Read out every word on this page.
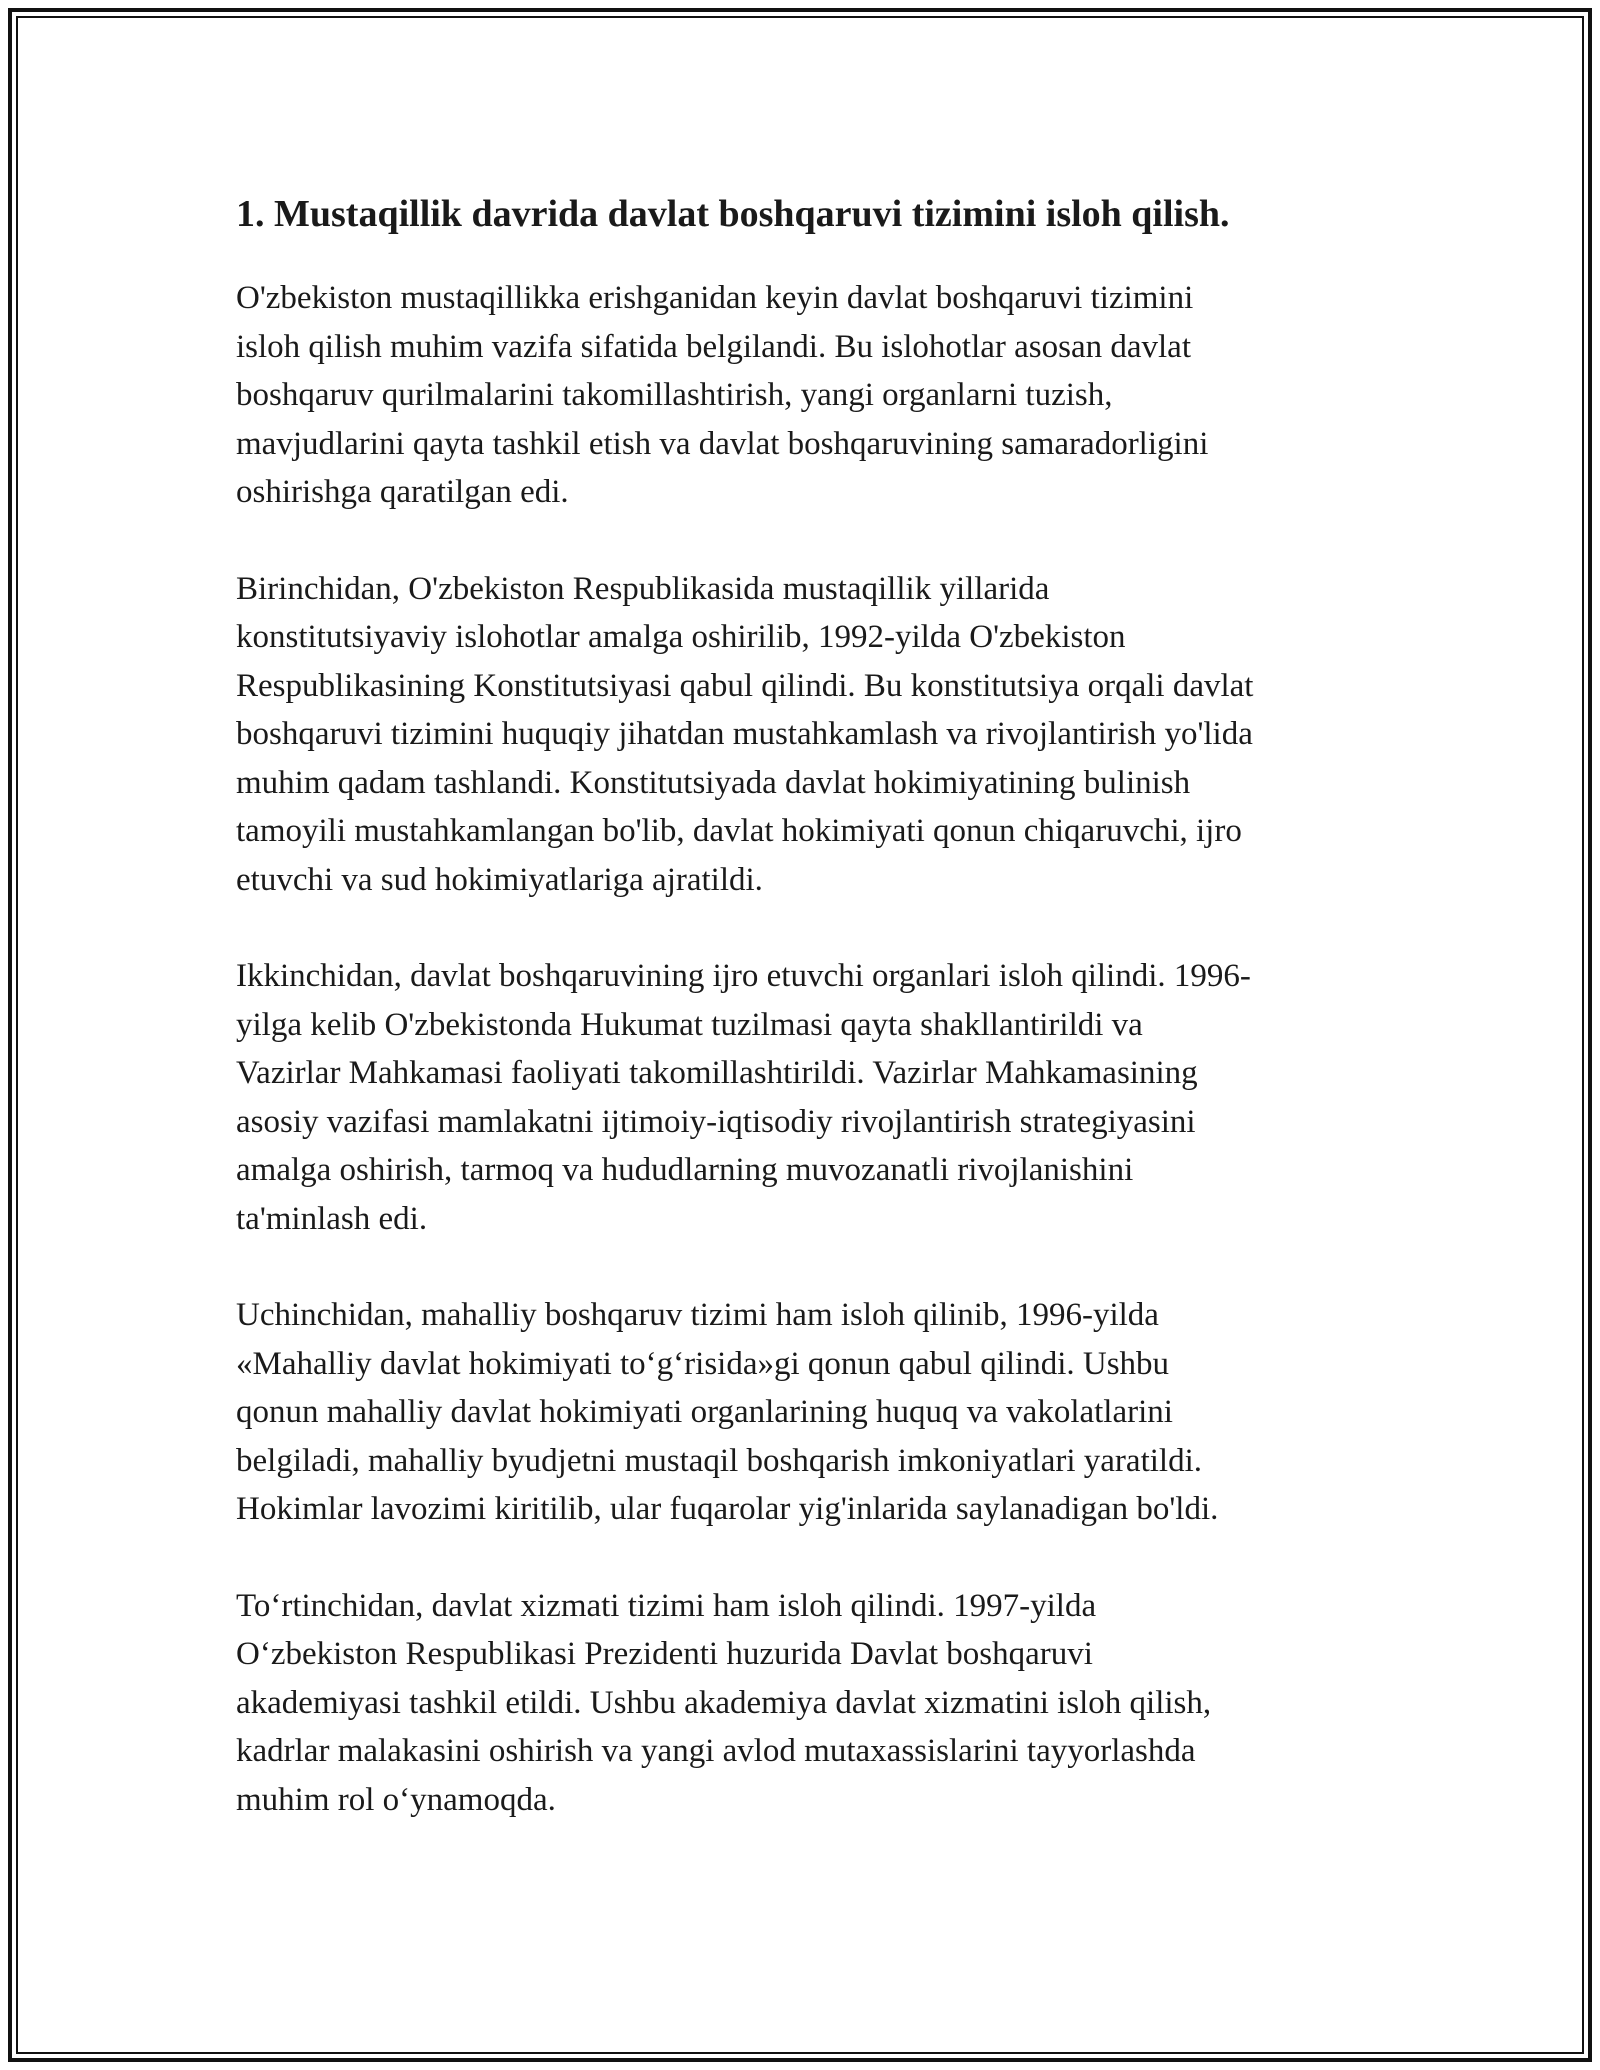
1. Mustaqillik davrida davlat boshqaruvi tizimini isloh qilish.

O'zbekiston mustaqillikka erishganidan keyin davlat boshqaruvi tizimini
isloh qilish muhim vazifa sifatida belgilandi. Bu islohotlar asosan davlat
boshqaruv qurilmalarini takomillashtirish, yangi organlarni tuzish,
mavjudlarini qayta tashkil etish va davlat boshqaruvining samaradorligini
oshirishga qaratilgan edi.

Birinchidan, O'zbekiston Respublikasida mustaqillik yillarida
konstitutsiyaviy islohotlar amalga oshirilib, 1992-yilda O'zbekiston
Respublikasining Konstitutsiyasi qabul qilindi. Bu konstitutsiya orqali davlat
boshqaruvi tizimini huquqiy jihatdan mustahkamlash va rivojlantirish yo'lida
muhim qadam tashlandi. Konstitutsiyada davlat hokimiyatining bulinish
tamoyili mustahkamlangan bo'lib, davlat hokimiyati qonun chiqaruvchi, ijro
etuvchi va sud hokimiyatlariga ajratildi.

Ikkinchidan, davlat boshqaruvining ijro etuvchi organlari isloh qilindi. 1996-
yilga kelib O'zbekistonda Hukumat tuzilmasi qayta shakllantirildi va
Vazirlar Mahkamasi faoliyati takomillashtirildi. Vazirlar Mahkamasining
asosiy vazifasi mamlakatni ijtimoiy-iqtisodiy rivojlantirish strategiyasini
amalga oshirish, tarmoq va hududlarning muvozanatli rivojlanishini
ta'minlash edi.

Uchinchidan, mahalliy boshqaruv tizimi ham isloh qilinib, 1996-yilda
«Mahalliy davlat hokimiyati to‘g‘risida»gi qonun qabul qilindi. Ushbu
qonun mahalliy davlat hokimiyati organlarining huquq va vakolatlarini
belgiladi, mahalliy byudjetni mustaqil boshqarish imkoniyatlari yaratildi.
Hokimlar lavozimi kiritilib, ular fuqarolar yig'inlarida saylanadigan bo'ldi.

To‘rtinchidan, davlat xizmati tizimi ham isloh qilindi. 1997-yilda
O‘zbekiston Respublikasi Prezidenti huzurida Davlat boshqaruvi
akademiyasi tashkil etildi. Ushbu akademiya davlat xizmatini isloh qilish,
kadrlar malakasini oshirish va yangi avlod mutaxassislarini tayyorlashda
muhim rol o‘ynamoqda.
